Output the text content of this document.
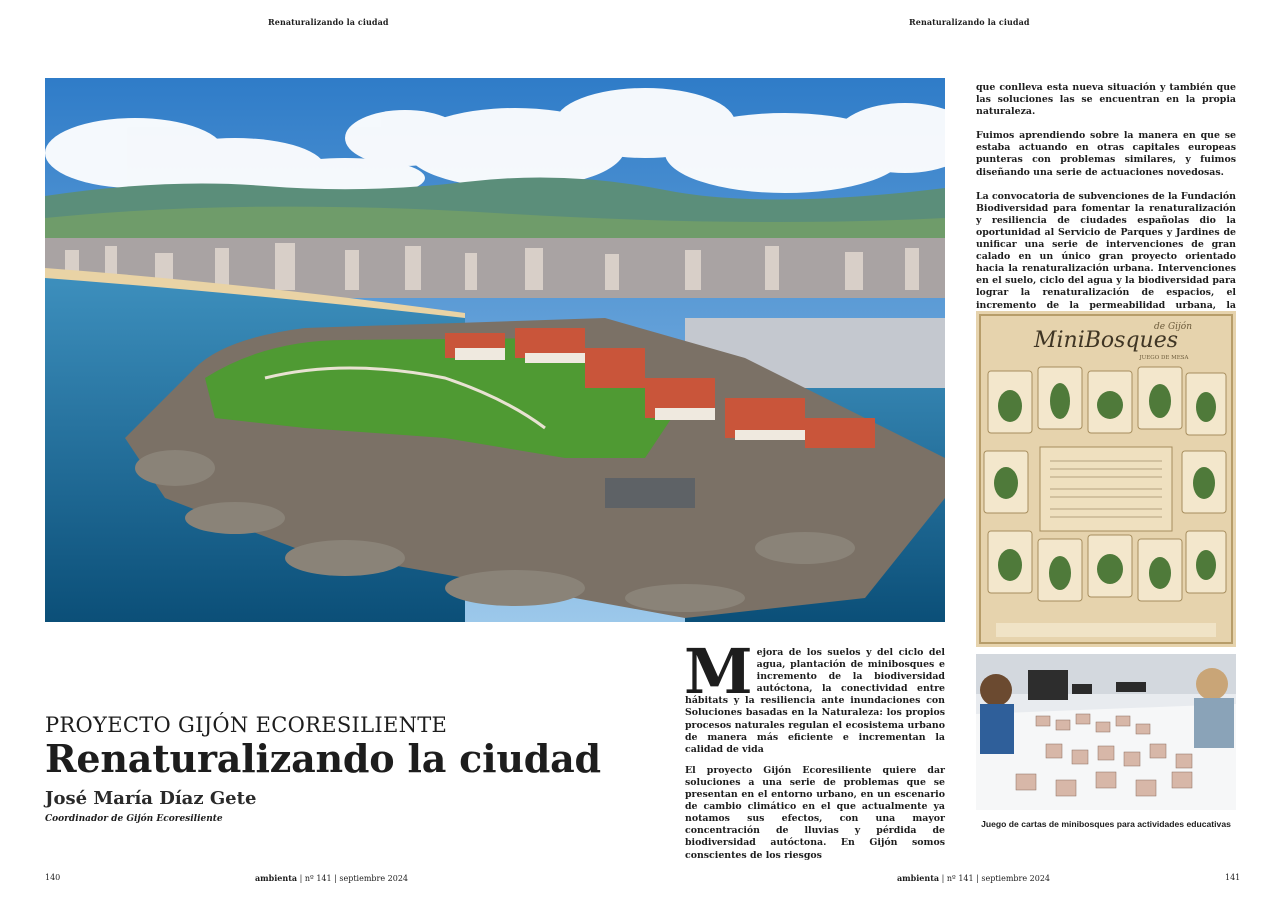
Renaturalizando la ciudad	Renaturalizando la ciudad
PROYECTO GIJÓN ECORESILIENTE
Renaturalizando la ciudad
José María Díaz Gete
Coordinador de Gijón Ecoresiliente

Mejora de los suelos y del ciclo del agua, plantación de minibosques e incremento de la biodiversidad autóctona, la conectividad entre hábitats y la resiliencia ante inundaciones con Soluciones basadas en la Naturaleza: los propios procesos naturales regulan el ecosistema urbano de manera más eficiente e incrementan la calidad de vida

El proyecto Gijón Ecoresiliente quiere dar soluciones a una serie de problemas que se presentan en el entorno urbano, en un escenario de cambio climático en el que actualmente ya notamos sus efectos, con una mayor concentración de lluvias y pérdida de biodiversidad autóctona. En Gijón somos conscientes de los riesgos

que conlleva esta nueva situación y también que las soluciones las se encuentran en la propia naturaleza.

Fuimos aprendiendo sobre la manera en que se estaba actuando en otras capitales europeas punteras con problemas similares, y fuimos diseñando una serie de actuaciones novedosas.

La convocatoria de subvenciones de la Fundación Biodiversidad para fomentar la renaturalización y resiliencia de ciudades españolas dio la oportunidad al Servicio de Parques y Jardines de unificar una serie de intervenciones de gran calado en un único gran proyecto orientado hacia la renaturalización urbana. Intervenciones en el suelo, ciclo del agua y la biodiversidad para lograr la renaturalización de espacios, el incremento de la permeabilidad urbana, la

de Gijón
MiniBosques
JUEGO DE MESA
Juego de cartas de minibosques para actividades educativas
140	ambienta | nº 141 | septiembre 2024	ambienta | nº 141 | septiembre 2024	141
